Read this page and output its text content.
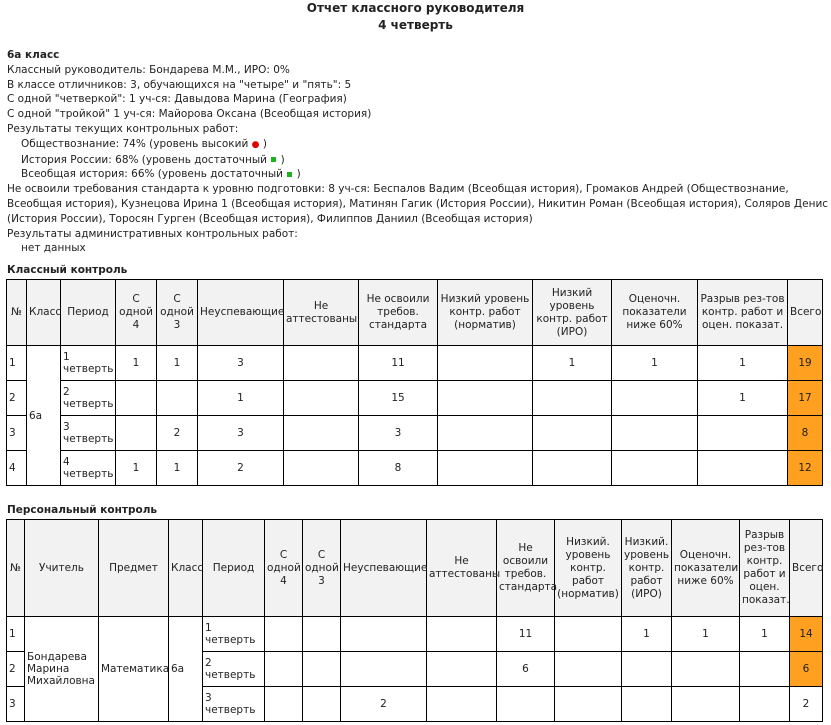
Отчет классного руководителя
4 четверть
6а класс
Классный руководитель: Бондарева М.М., ИРО: 0%
В классе отличников: 3, обучающихся на "четыре" и "пять": 5
С одной "четверкой": 1 уч-ся: Давыдова Марина (География)
С одной "тройкой" 1 уч-ся: Майорова Оксана (Всеобщая история)
Результаты текущих контрольных работ:
Обществознание: 74% (уровень высокий ● )
История России: 68% (уровень достаточный  )
Всеобщая история: 66% (уровень достаточный  )
Не освоили требования стандарта к уровню подготовки: 8 уч-ся: Беспалов Вадим (Всеобщая история), Громаков Андрей (Обществознание, Всеобщая история), Кузнецова Ирина 1 (Всеобщая история), Матинян Гагик (История России), Никитин Роман (Всеобщая история), Соляров Денис (История России), Торосян Гурген (Всеобщая история), Филиппов Даниил (Всеобщая история)
Результаты административных контрольных работ:
нет данных
Классный контроль
№	Класс	Период	С одной 4	С одной 3	Неуспевающие	Не аттестованы	Не освоили требов. стандарта	Низкий уровень контр. работ (норматив)	Низкий уровень контр. работ (ИРО)	Оценочн. показатели ниже 60%	Разрыв рез-тов контр. работ и оцен. показат.	Всего
1	6а	1 четверть	1	1	3		11		1	1	1	19
2		2 четверть			1		15				1	17
3		3 четверть		2	3		3					8
4		4 четверть	1	1	2		8					12
Персональный контроль
№	Учитель	Предмет	Класс	Период	С одной 4	С одной 3	Неуспевающие	Не аттестованы	Не освоили требов. стандарта	Низкий. уровень контр. работ (норматив)	Низкий. уровень контр. работ (ИРО)	Оценочн. показатели ниже 60%	Разрыв рез-тов контр. работ и оцен. показат.	Всего
1	Бондарева Марина Михайловна	Математика	6а	1 четверть					11		1	1	1	14
2				2 четверть					6					6
3				3 четверть			2							2
